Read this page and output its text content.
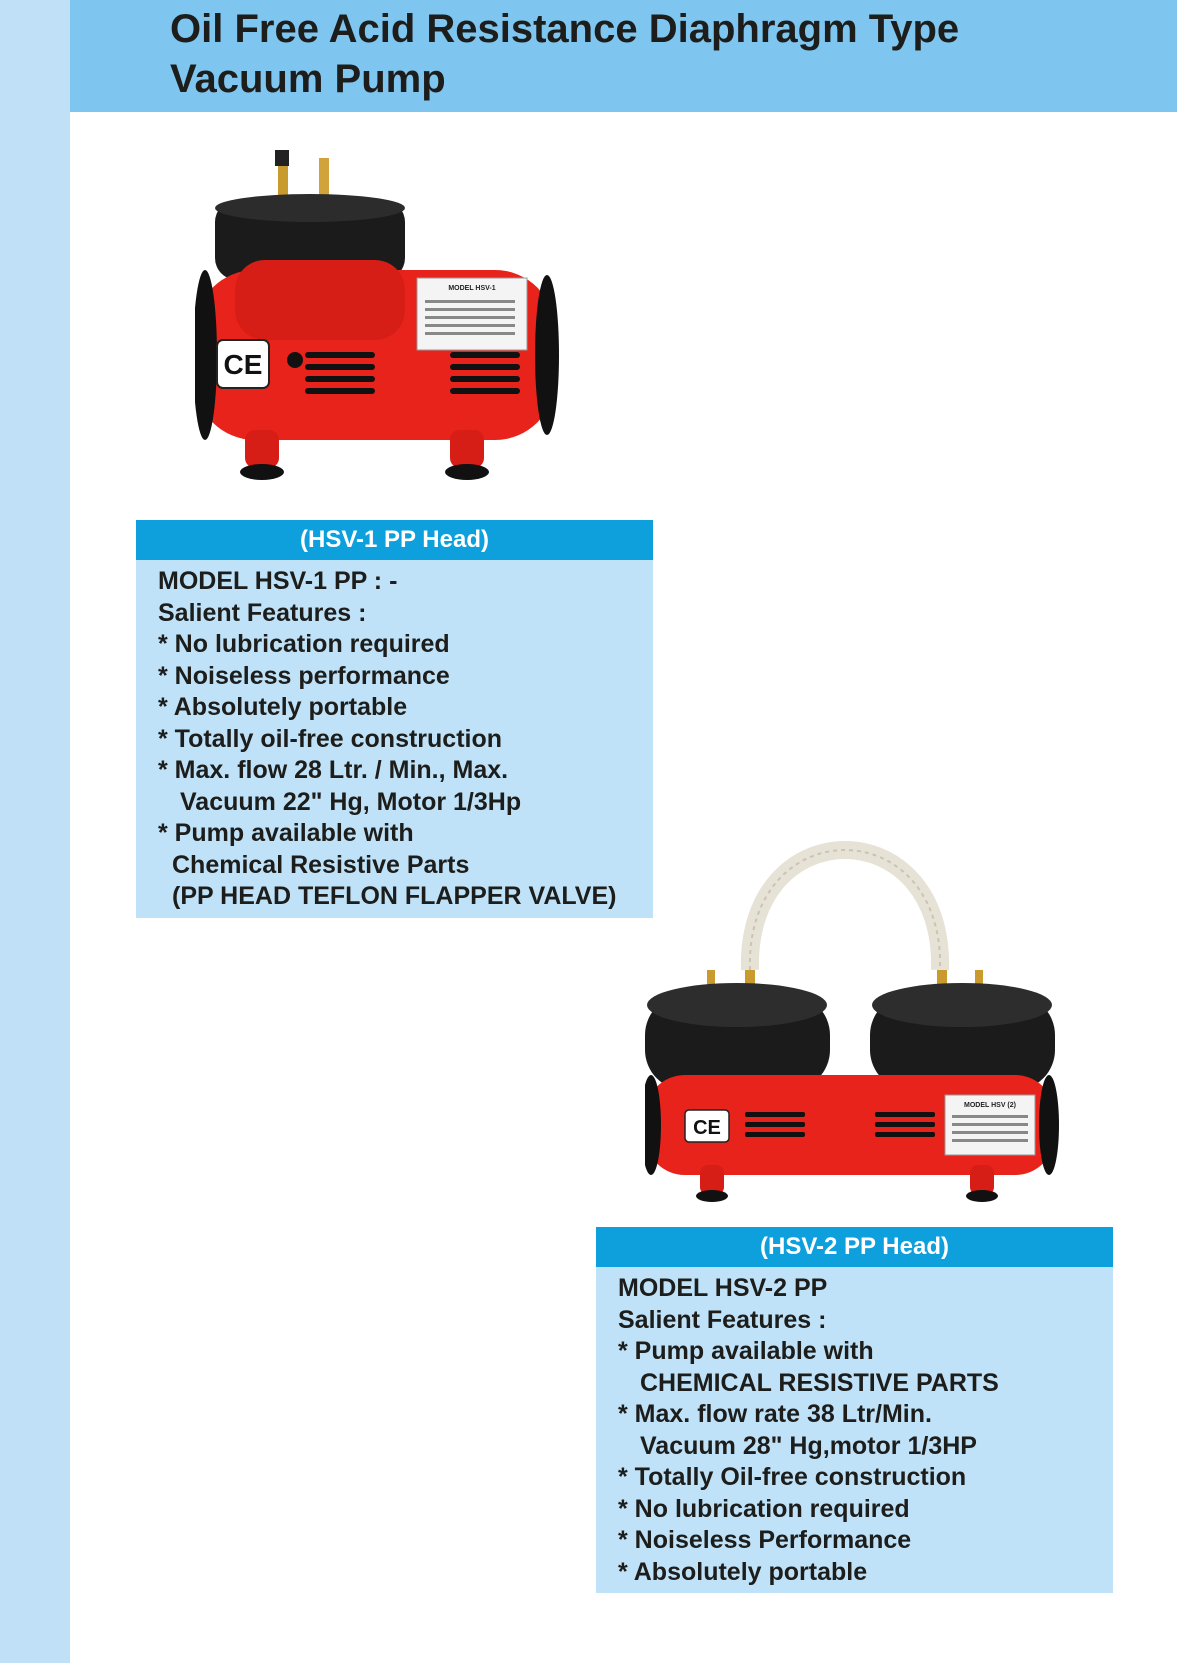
Oil Free Acid Resistance Diaphragm Type
Vacuum Pump
CE
MODEL HSV-1
(HSV-1 PP Head)
MODEL HSV-1 PP : -
Salient Features :
* No lubrication required
* Noiseless performance
* Absolutely portable
* Totally oil-free construction
* Max. flow 28 Ltr. / Min., Max.
Vacuum 22" Hg, Motor 1/3Hp
* Pump available with
Chemical Resistive Parts
(PP HEAD TEFLON FLAPPER VALVE)
CE
MODEL HSV (2)
(HSV-2 PP Head)
MODEL HSV-2 PP
Salient Features :
* Pump available with
CHEMICAL RESISTIVE PARTS
* Max. flow rate 38 Ltr/Min.
Vacuum 28" Hg,motor 1/3HP
* Totally Oil-free construction
* No lubrication required
* Noiseless Performance
* Absolutely portable
